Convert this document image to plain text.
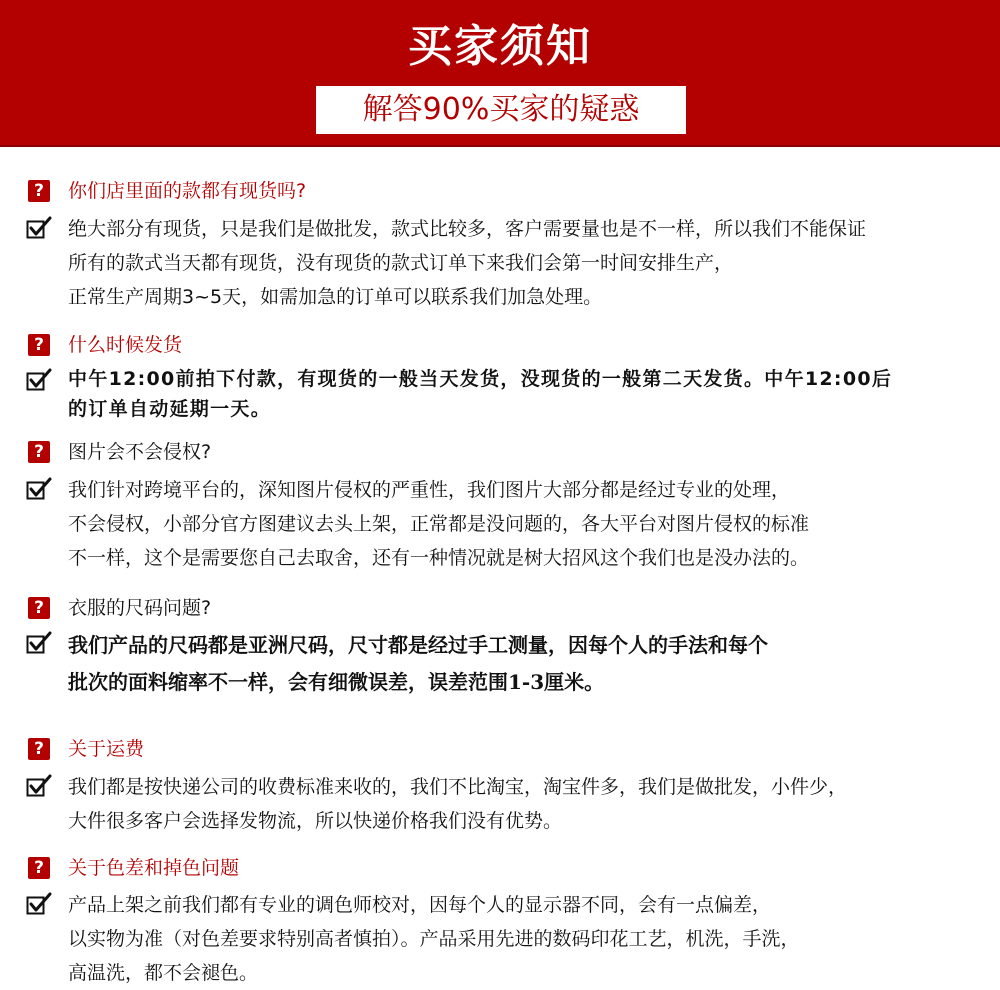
买家须知
解答90%买家的疑惑
?	你们店里面的款都有现货吗?
绝大部分有现货，只是我们是做批发，款式比较多，客户需要量也是不一样，所以我们不能保证
所有的款式当天都有现货，没有现货的款式订单下来我们会第一时间安排生产，
正常生产周期3~5天，如需加急的订单可以联系我们加急处理。
?	什么时候发货
中午12:00前拍下付款，有现货的一般当天发货，没现货的一般第二天发货。中午12:00后
的订单自动延期一天。
?	图片会不会侵权?
我们针对跨境平台的，深知图片侵权的严重性，我们图片大部分都是经过专业的处理，
不会侵权，小部分官方图建议去头上架，正常都是没问题的，各大平台对图片侵权的标准
不一样，这个是需要您自己去取舍，还有一种情况就是树大招风这个我们也是没办法的。
?	衣服的尺码问题?
我们产品的尺码都是亚洲尺码，尺寸都是经过手工测量，因每个人的手法和每个
批次的面料缩率不一样，会有细微误差，误差范围1-3厘米。
?	关于运费
我们都是按快递公司的收费标准来收的，我们不比淘宝，淘宝件多，我们是做批发，小件少，
大件很多客户会选择发物流，所以快递价格我们没有优势。
?	关于色差和掉色问题
产品上架之前我们都有专业的调色师校对，因每个人的显示器不同，会有一点偏差，
以实物为准（对色差要求特别高者慎拍）。产品采用先进的数码印花工艺，机洗，手洗，
高温洗，都不会褪色。
